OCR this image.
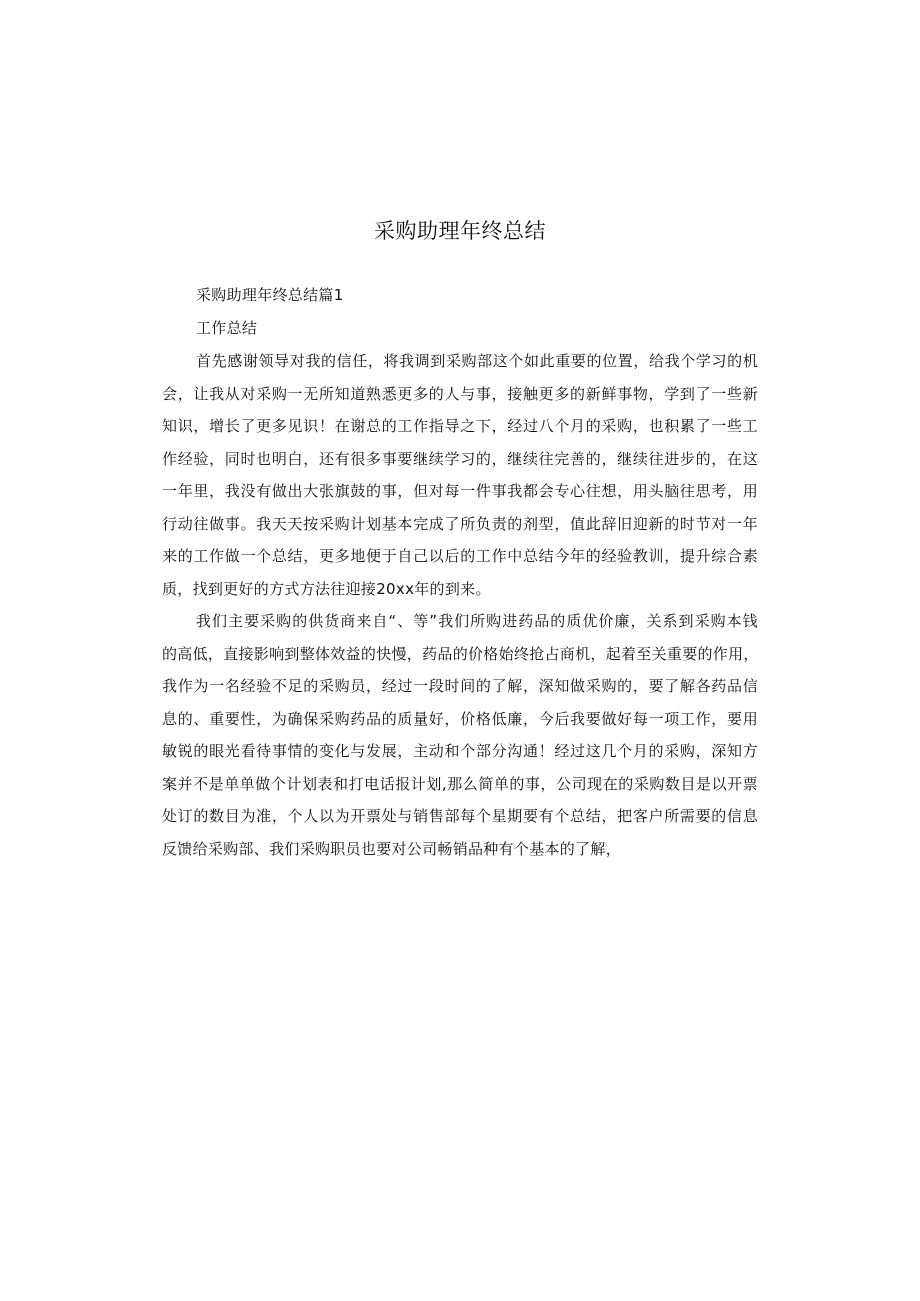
采购助理年终总结
采购助理年终总结篇1
工作总结
首先感谢领导对我的信任，将我调到采购部这个如此重要的位置，给我个学习的机
会，让我从对采购一无所知道熟悉更多的人与事，接触更多的新鲜事物，学到了一些新
知识，增长了更多见识！在谢总的工作指导之下，经过八个月的采购，也积累了一些工
作经验，同时也明白，还有很多事要继续学习的，继续往完善的，继续往进步的，在这
一年里，我没有做出大张旗鼓的事，但对每一件事我都会专心往想，用头脑往思考，用
行动往做事。我天天按采购计划基本完成了所负责的剂型，值此辞旧迎新的时节对一年
来的工作做一个总结，更多地便于自己以后的工作中总结今年的经验教训，提升综合素
质，找到更好的方式方法往迎接20xx年的到来。
我们主要采购的供货商来自“、等”我们所购进药品的质优价廉，关系到采购本钱
的高低，直接影响到整体效益的快慢，药品的价格始终抢占商机，起着至关重要的作用，
我作为一名经验不足的采购员，经过一段时间的了解，深知做采购的，要了解各药品信
息的、重要性，为确保采购药品的质量好，价格低廉，今后我要做好每一项工作，要用
敏锐的眼光看待事情的变化与发展，主动和个部分沟通！经过这几个月的采购，深知方
案并不是单单做个计划表和打电话报计划,那么简单的事，公司现在的采购数目是以开票
处订的数目为准，个人以为开票处与销售部每个星期要有个总结，把客户所需要的信息
反馈给采购部、我们采购职员也要对公司畅销品种有个基本的了解，
